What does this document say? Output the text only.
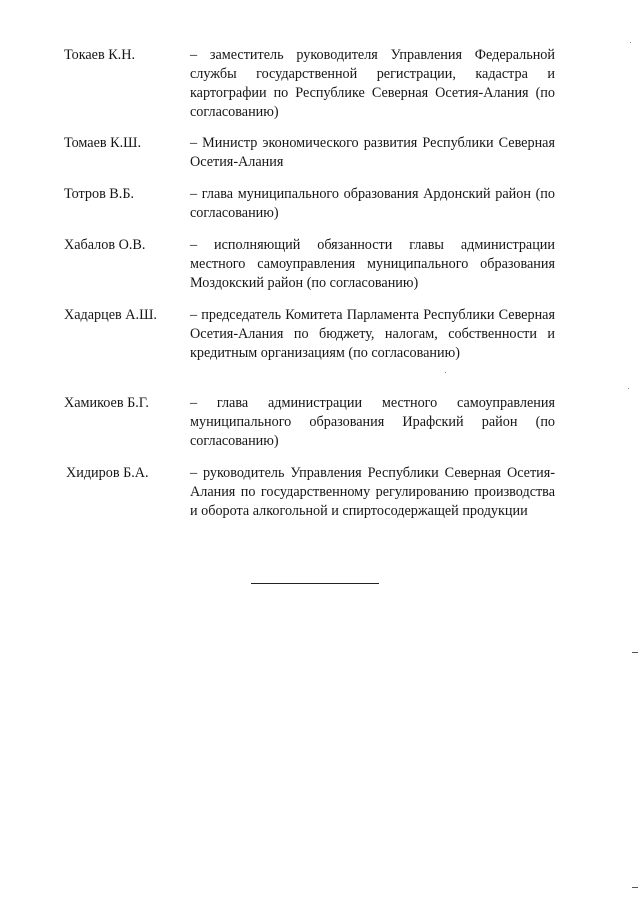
Токаев К.Н.	– заместитель руководителя Управления Федеральной службы государственной регистрации, кадастра и картографии по Республике Северная Осетия-Алания (по согласованию)
Томаев К.Ш.	– Министр экономического развития Республики Северная Осетия-Алания
Тотров В.Б.	– глава муниципального образования Ардонский район (по согласованию)
Хабалов О.В.	– исполняющий обязанности главы администрации местного самоуправления муниципального образования Моздокский район (по согласованию)
Хадарцев А.Ш. – председатель Комитета Парламента Республики Северная Осетия-Алания по бюджету, налогам, собственности и кредитным организациям (по согласованию)
Хамикоев Б.Г.	– глава администрации местного самоуправления муниципального образования Ирафский район (по согласованию)
Хидиров Б.А.	– руководитель Управления Республики Северная Осетия-Алания по государственному регулированию производства и оборота алкогольной и спиртосодержащей продукции
